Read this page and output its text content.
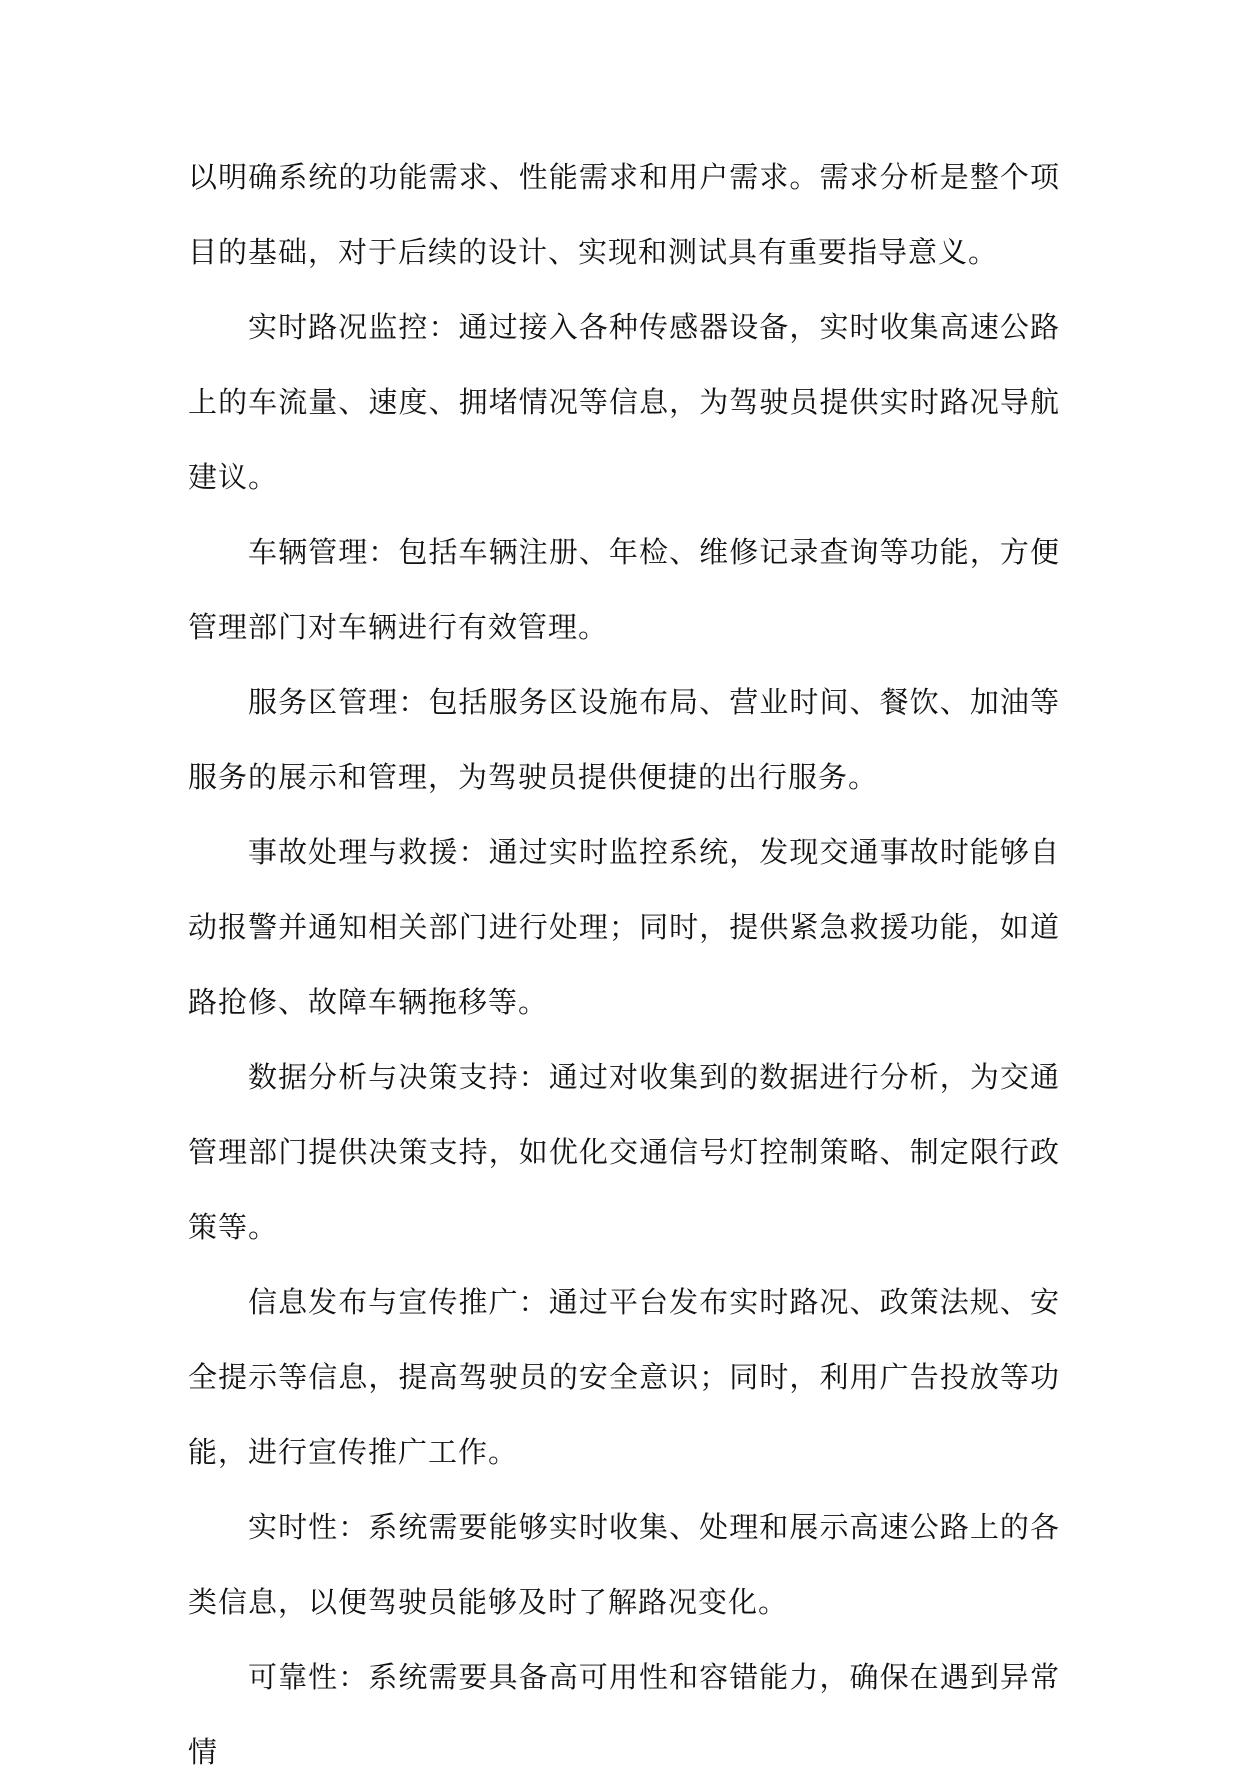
以明确系统的功能需求、性能需求和用户需求。需求分析是整个项目的基础，对于后续的设计、实现和测试具有重要指导意义。

实时路况监控：通过接入各种传感器设备，实时收集高速公路上的车流量、速度、拥堵情况等信息，为驾驶员提供实时路况导航建议。

车辆管理：包括车辆注册、年检、维修记录查询等功能，方便管理部门对车辆进行有效管理。

服务区管理：包括服务区设施布局、营业时间、餐饮、加油等服务的展示和管理，为驾驶员提供便捷的出行服务。

事故处理与救援：通过实时监控系统，发现交通事故时能够自动报警并通知相关部门进行处理；同时，提供紧急救援功能，如道路抢修、故障车辆拖移等。

数据分析与决策支持：通过对收集到的数据进行分析，为交通管理部门提供决策支持，如优化交通信号灯控制策略、制定限行政策等。

信息发布与宣传推广：通过平台发布实时路况、政策法规、安全提示等信息，提高驾驶员的安全意识；同时，利用广告投放等功能，进行宣传推广工作。

实时性：系统需要能够实时收集、处理和展示高速公路上的各类信息，以便驾驶员能够及时了解路况变化。

可靠性：系统需要具备高可用性和容错能力，确保在遇到异常情
